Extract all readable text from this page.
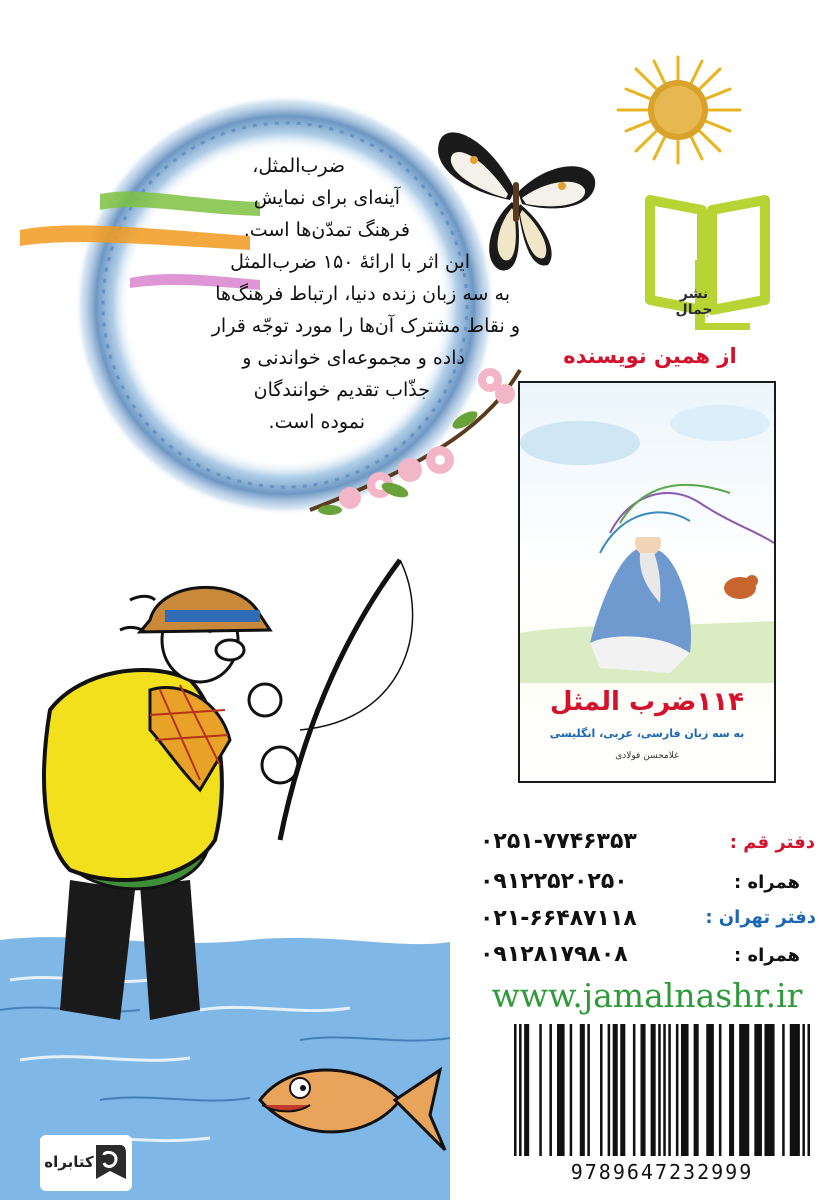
ضرب‌المثل،
آینه‌ای برای نمایش
فرهنگ تمدّن‌ها است.
این اثر با ارائهٔ ۱۵۰ ضرب‌المثل
به سه زبان زنده دنیا، ارتباط فرهنگ‌ها
و نقاط مشترک آن‌ها را مورد توجّه قرار
داده و مجموعه‌ای خواندنی و
جذّاب تقدیم خوانندگان
نموده است.
نشر
جمال
از همین نویسنده
۱۱۴ضرب المثل
به سه زبان فارسی، عربی، انگلیسی
غلامحسن فولادی
دفتر قم :
۰۲۵۱-۷۷۴۶۳۵۳
همراه :
۰۹۱۲۲۵۲۰۲۵۰
دفتر تهران :
۰۲۱-۶۶۴۸۷۱۱۸
همراه :
۰۹۱۲۸۱۷۹۸۰۸
www.jamalnashr.ir
9789647232999
کتابراه
